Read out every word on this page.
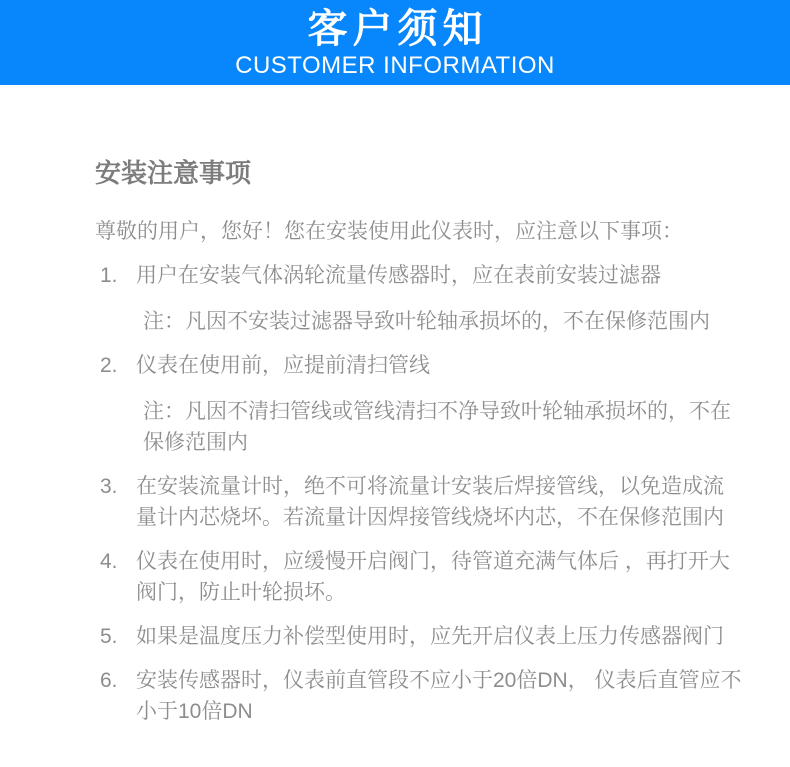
客户须知
CUSTOMER INFORMATION
安装注意事项

尊敬的用户，您好！您在安装使用此仪表时，应注意以下事项：

1. 用户在安装气体涡轮流量传感器时，应在表前安装过滤器

注：凡因不安装过滤器导致叶轮轴承损坏的，不在保修范围内

2. 仪表在使用前，应提前清扫管线

注：凡因不清扫管线或管线清扫不净导致叶轮轴承损坏的，不在保修范围内

3. 在安装流量计时，绝不可将流量计安装后焊接管线，以免造成流量计内芯烧坏。若流量计因焊接管线烧坏内芯，不在保修范围内
4. 仪表在使用时，应缓慢开启阀门，待管道充满气体后 ，再打开大阀门，防止叶轮损坏。
5. 如果是温度压力补偿型使用时，应先开启仪表上压力传感器阀门
6. 安装传感器时，仪表前直管段不应小于20倍DN， 仪表后直管应不小于10倍DN
